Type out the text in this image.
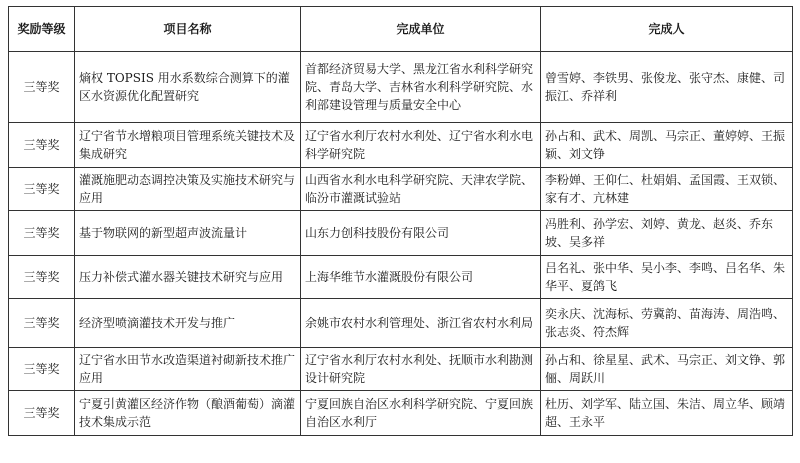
奖励等级	项目名称	完成单位	完成人
三等奖	熵权 TOPSIS 用水系数综合测算下的灌区水资源优化配置研究	首都经济贸易大学、黑龙江省水利科学研究院、青岛大学、吉林省水利科学研究院、水利部建设管理与质量安全中心	曾雪婷、李铁男、张俊龙、张守杰、康健、司振江、乔祥利
三等奖	辽宁省节水增粮项目管理系统关键技术及集成研究	辽宁省水利厅农村水利处、辽宁省水利水电科学研究院	孙占和、武术、周凯、马宗正、董婷婷、王振颖、刘文铮
三等奖	灌溉施肥动态调控决策及实施技术研究与应用	山西省水利水电科学研究院、天津农学院、临汾市灌溉试验站	李粉婵、王仰仁、杜娟娟、孟国霞、王双锁、家有才、亢林建
三等奖	基于物联网的新型超声波流量计	山东力创科技股份有限公司	冯胜利、孙学宏、刘婷、黄龙、赵炎、乔东坡、吴多祥
三等奖	压力补偿式灌水器关键技术研究与应用	上海华维节水灌溉股份有限公司	吕名礼、张中华、吴小李、李鸣、吕名华、朱华平、夏鸽飞
三等奖	经济型喷滴灌技术开发与推广	余姚市农村水利管理处、浙江省农村水利局	奕永庆、沈海标、劳冀韵、苗海涛、周浩鸣、张志炎、符杰辉
三等奖	辽宁省水田节水改造渠道衬砌新技术推广应用	辽宁省水利厅农村水利处、抚顺市水利勘测设计研究院	孙占和、徐星星、武术、马宗正、刘文铮、郭俪、周跃川
三等奖	宁夏引黄灌区经济作物（酿酒葡萄）滴灌技术集成示范	宁夏回族自治区水利科学研究院、宁夏回族自治区水利厅	杜历、刘学军、陆立国、朱洁、周立华、顾靖超、王永平
